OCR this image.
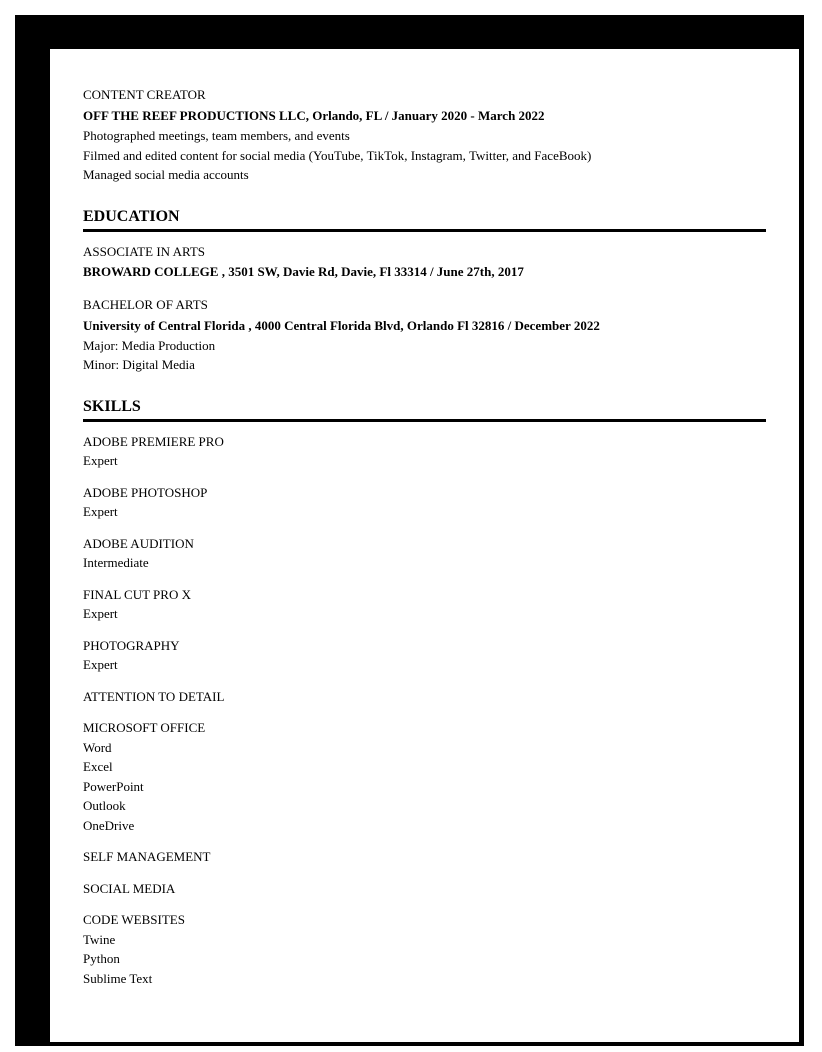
CONTENT CREATOR
OFF THE REEF PRODUCTIONS LLC, Orlando, FL / January 2020 - March 2022
Photographed meetings, team members, and events
Filmed and edited content for social media (YouTube, TikTok, Instagram, Twitter, and FaceBook)
Managed social media accounts
EDUCATION
ASSOCIATE IN ARTS
BROWARD COLLEGE , 3501 SW, Davie Rd, Davie, Fl 33314 / June 27th, 2017
BACHELOR OF ARTS
University of Central Florida , 4000 Central Florida Blvd, Orlando Fl 32816 / December 2022
Major: Media Production
Minor: Digital Media
SKILLS
ADOBE PREMIERE PRO
Expert
ADOBE PHOTOSHOP
Expert
ADOBE AUDITION
Intermediate
FINAL CUT PRO X
Expert
PHOTOGRAPHY
Expert
ATTENTION TO DETAIL
MICROSOFT OFFICE
Word
Excel
PowerPoint
Outlook
OneDrive
SELF MANAGEMENT
SOCIAL MEDIA
CODE WEBSITES
Twine
Python
Sublime Text
